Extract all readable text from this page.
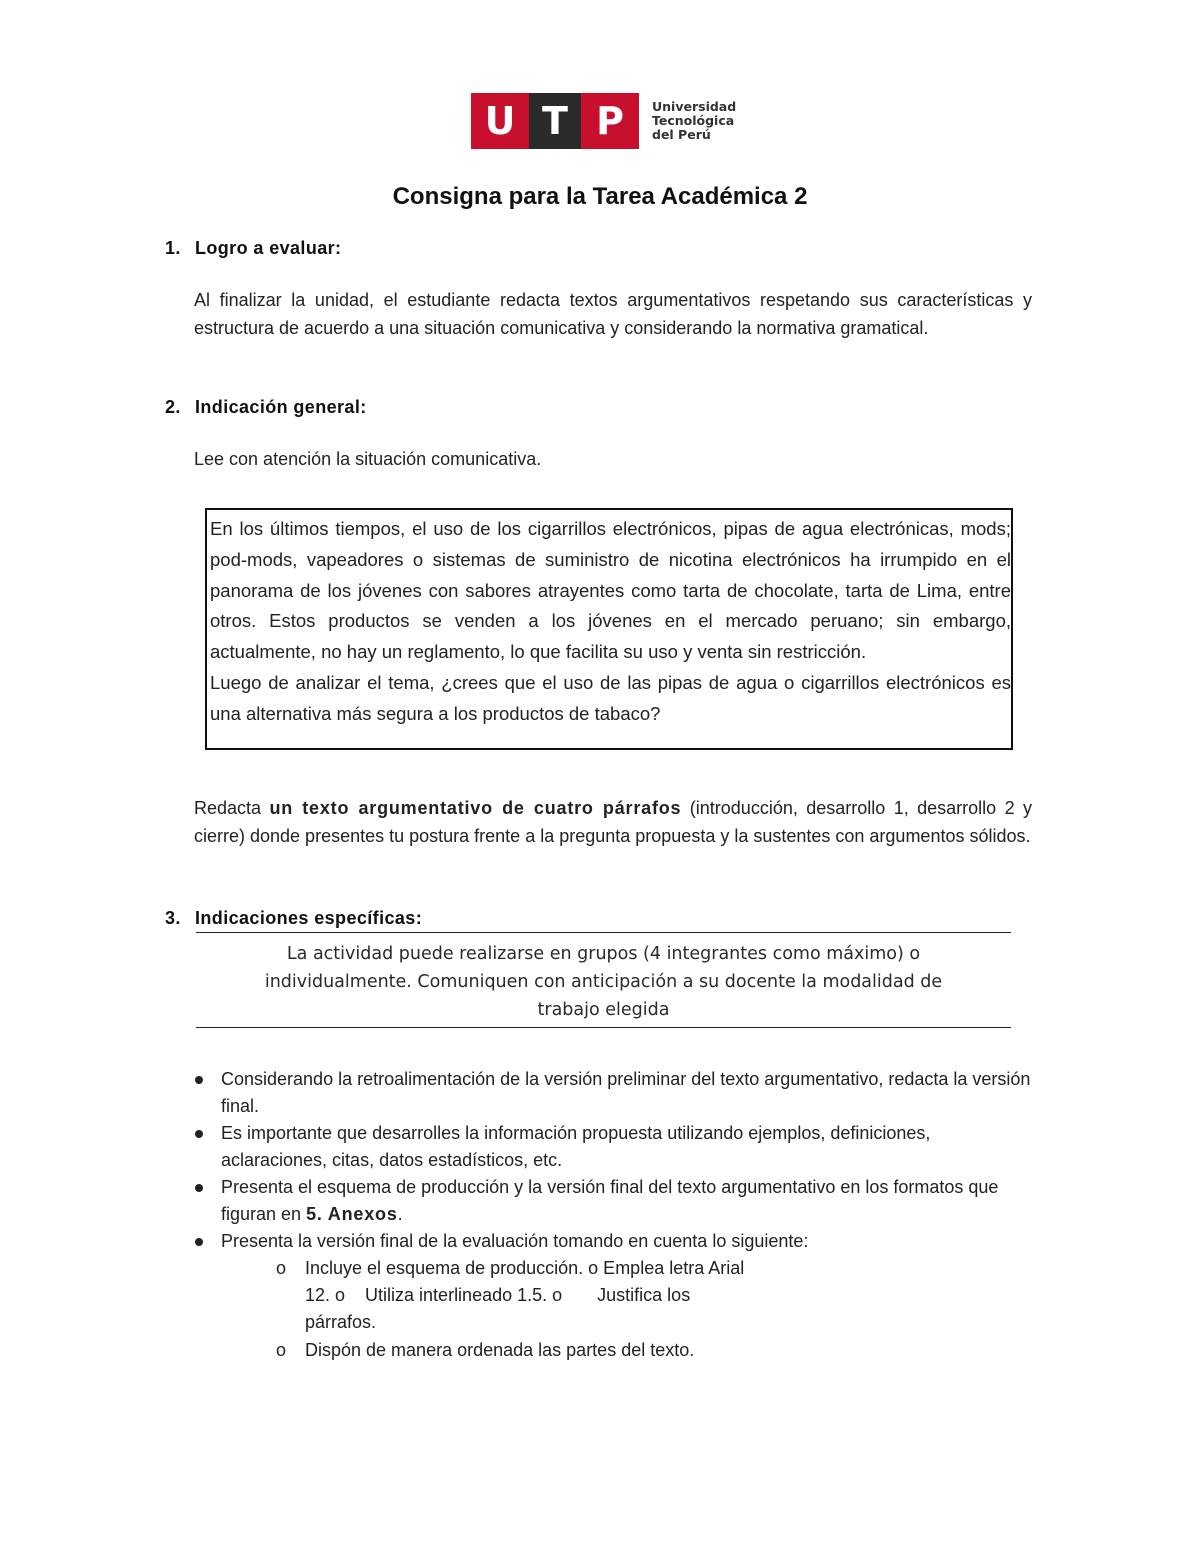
U T P	Universidad
Tecnológica
del Perú
Consigna para la Tarea Académica 2
1. Logro a evaluar:
Al finalizar la unidad, el estudiante redacta textos argumentativos respetando sus características y estructura de acuerdo a una situación comunicativa y considerando la normativa gramatical.
2. Indicación general:
Lee con atención la situación comunicativa.

En los últimos tiempos, el uso de los cigarrillos electrónicos, pipas de agua electrónicas, mods; pod-mods, vapeadores o sistemas de suministro de nicotina electrónicos ha irrumpido en el panorama de los jóvenes con sabores atrayentes como tarta de chocolate, tarta de Lima, entre otros. Estos productos se venden a los jóvenes en el mercado peruano; sin embargo, actualmente, no hay un reglamento, lo que facilita su uso y venta sin restricción.

Luego de analizar el tema, ¿crees que el uso de las pipas de agua o cigarrillos electrónicos es una alternativa más segura a los productos de tabaco?

Redacta un texto argumentativo de cuatro párrafos (introducción, desarrollo 1, desarrollo 2 y cierre) donde presentes tu postura frente a la pregunta propuesta y la sustentes con argumentos sólidos.
3. Indicaciones específicas:
La actividad puede realizarse en grupos (4 integrantes como máximo) o
individualmente. Comuniquen con anticipación a su docente la modalidad de
trabajo elegida
Considerando la retroalimentación de la versión preliminar del texto argumentativo, redacta la versión final.
Es importante que desarrolles la información propuesta utilizando ejemplos, definiciones, aclaraciones, citas, datos estadísticos, etc.
Presenta el esquema de producción y la versión final del texto argumentativo en los formatos que figuran en 5. Anexos.
Presenta la versión final de la evaluación tomando en cuenta lo siguiente:
o Incluye el esquema de producción. o Emplea letra Arial
12. o    Utiliza interlineado 1.5. o       Justifica los
párrafos.
o Dispón de manera ordenada las partes del texto.
